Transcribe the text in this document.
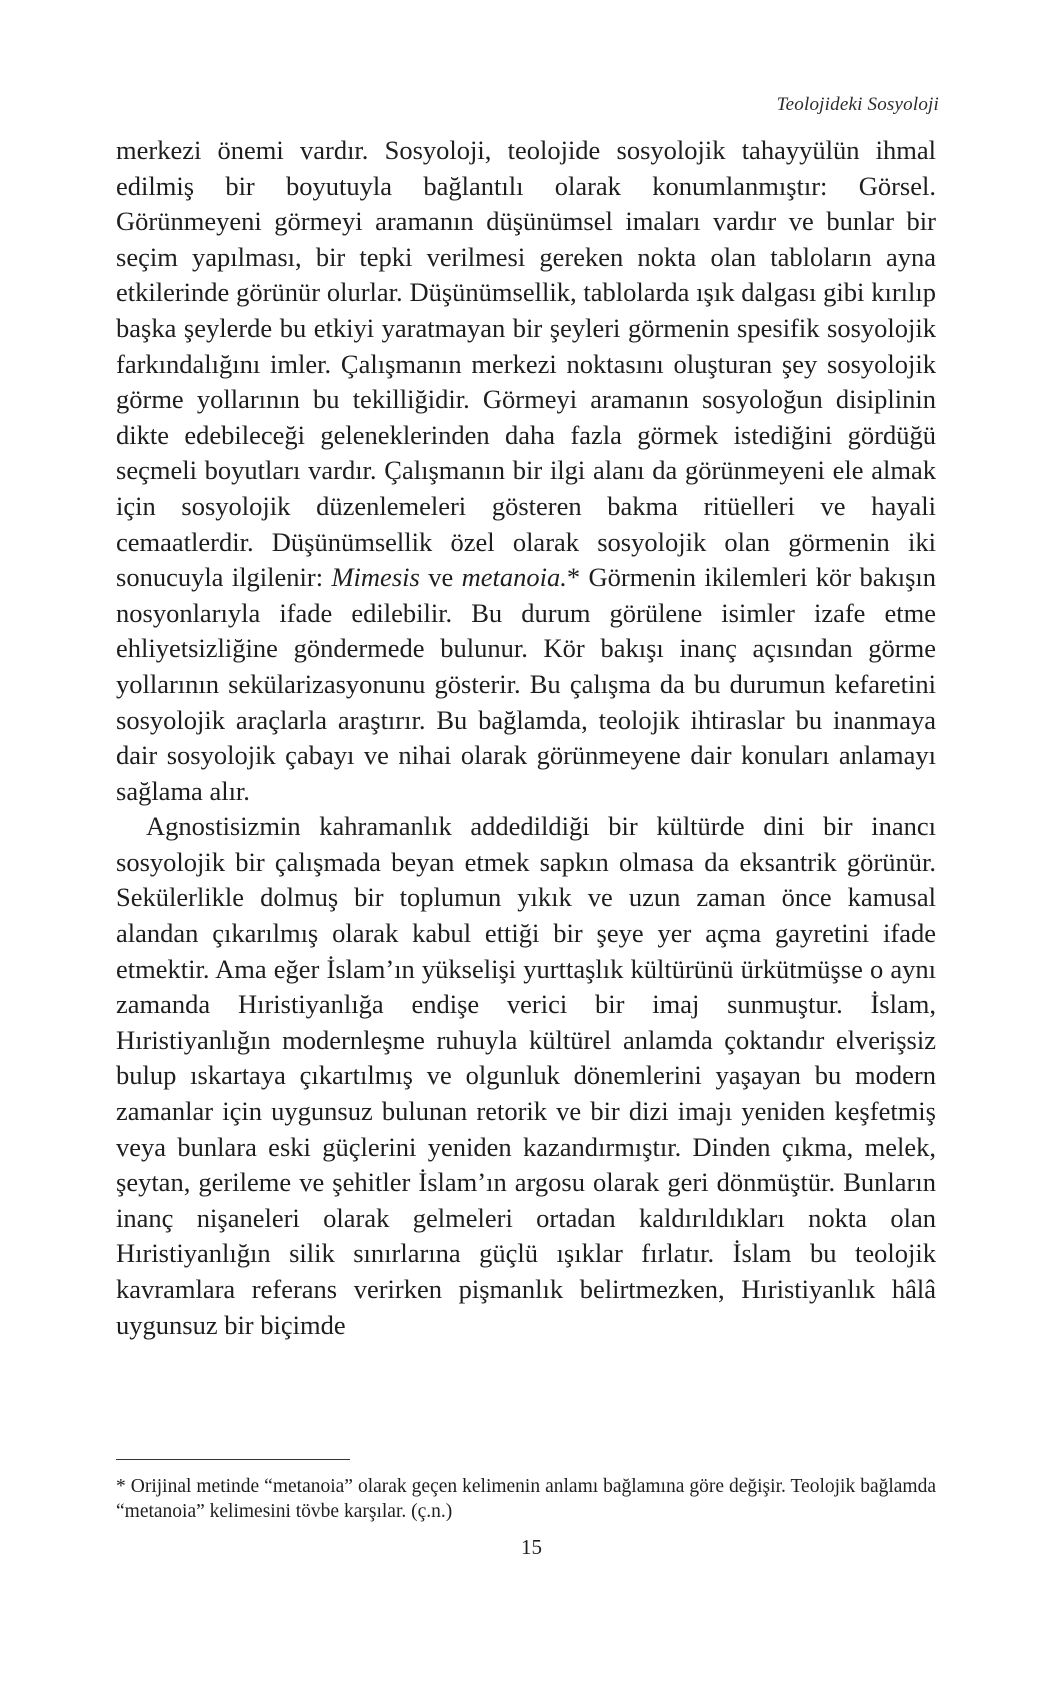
Teolojideki Sosyoloji

merkezi önemi vardır. Sosyoloji, teolojide sosyolojik tahayyülün ihmal edilmiş bir boyutuyla bağlantılı olarak konumlanmıştır: Görsel. Görünmeyeni görmeyi aramanın düşünümsel imaları vardır ve bunlar bir seçim yapılması, bir tepki verilmesi gereken nokta olan tabloların ayna etkilerinde görünür olurlar. Düşünümsellik, tablolarda ışık dalgası gibi kırılıp başka şeylerde bu etkiyi yaratmayan bir şeyleri görmenin spesifik sosyolojik farkındalığını imler. Çalışmanın merkezi noktasını oluşturan şey sosyolojik görme yollarının bu tekilliğidir. Görmeyi aramanın sosyoloğun disiplinin dikte edebileceği geleneklerinden daha fazla görmek istediğini gördüğü seçmeli boyutları vardır. Çalışmanın bir ilgi alanı da görünmeyeni ele almak için sosyolojik düzenlemeleri gösteren bakma ritüelleri ve hayali cemaatlerdir. Düşünümsellik özel olarak sosyolojik olan görmenin iki sonucuyla ilgilenir: Mimesis ve metanoia.* Görmenin ikilemleri kör bakışın nosyonlarıyla ifade edilebilir. Bu durum görülene isimler izafe etme ehliyetsizliğine göndermede bulunur. Kör bakışı inanç açısından görme yollarının sekülarizasyonunu gösterir. Bu çalışma da bu durumun kefaretini sosyolojik araçlarla araştırır. Bu bağlamda, teolojik ihtiraslar bu inanmaya dair sosyolojik çabayı ve nihai olarak görünmeyene dair konuları anlamayı sağlama alır.

Agnostisizmin kahramanlık addedildiği bir kültürde dini bir inancı sosyolojik bir çalışmada beyan etmek sapkın olmasa da eksantrik görünür. Sekülerlikle dolmuş bir toplumun yıkık ve uzun zaman önce kamusal alandan çıkarılmış olarak kabul ettiği bir şeye yer açma gayretini ifade etmektir. Ama eğer İslam’ın yükselişi yurttaşlık kültürünü ürkütmüşse o aynı zamanda Hıristiyanlığa endişe verici bir imaj sunmuştur. İslam, Hıristiyanlığın modernleşme ruhuyla kültürel anlamda çoktandır elverişsiz bulup ıskartaya çıkartılmış ve olgunluk dönemlerini yaşayan bu modern zamanlar için uygunsuz bulunan retorik ve bir dizi imajı yeniden keşfetmiş veya bunlara eski güçlerini yeniden kazandırmıştır. Dinden çıkma, melek, şeytan, gerileme ve şehitler İslam’ın argosu olarak geri dönmüştür. Bunların inanç nişaneleri olarak gelmeleri ortadan kaldırıldıkları nokta olan Hıristiyanlığın silik sınırlarına güçlü ışıklar fırlatır. İslam bu teolojik kavramlara referans verirken pişmanlık belirtmezken, Hıristiyanlık hâlâ uygunsuz bir biçimde

* Orijinal metinde “metanoia” olarak geçen kelimenin anlamı bağlamına göre değişir. Teolojik bağlamda “metanoia” kelimesini tövbe karşılar. (ç.n.)

15
